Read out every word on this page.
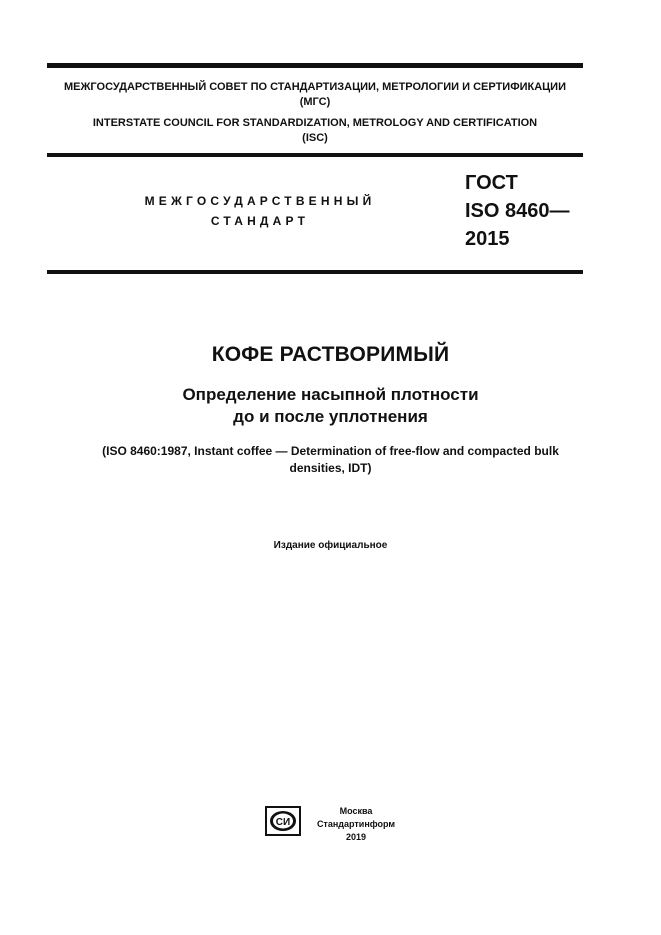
МЕЖГОСУДАРСТВЕННЫЙ СОВЕТ ПО СТАНДАРТИЗАЦИИ, МЕТРОЛОГИИ И СЕРТИФИКАЦИИ
(МГС)
INTERSTATE COUNCIL FOR STANDARDIZATION, METROLOGY AND CERTIFICATION
(ISC)
МЕЖГОСУДАРСТВЕННЫЙ
СТАНДАРТ
ГОСТ
ISO 8460—
2015
КОФЕ РАСТВОРИМЫЙ
Определение насыпной плотности
до и после уплотнения
(ISO 8460:1987, Instant coffee — Determination of free-flow and compacted bulk
densities, IDT)
Издание официальное
СИ
Москва
Стандартинформ
2019
